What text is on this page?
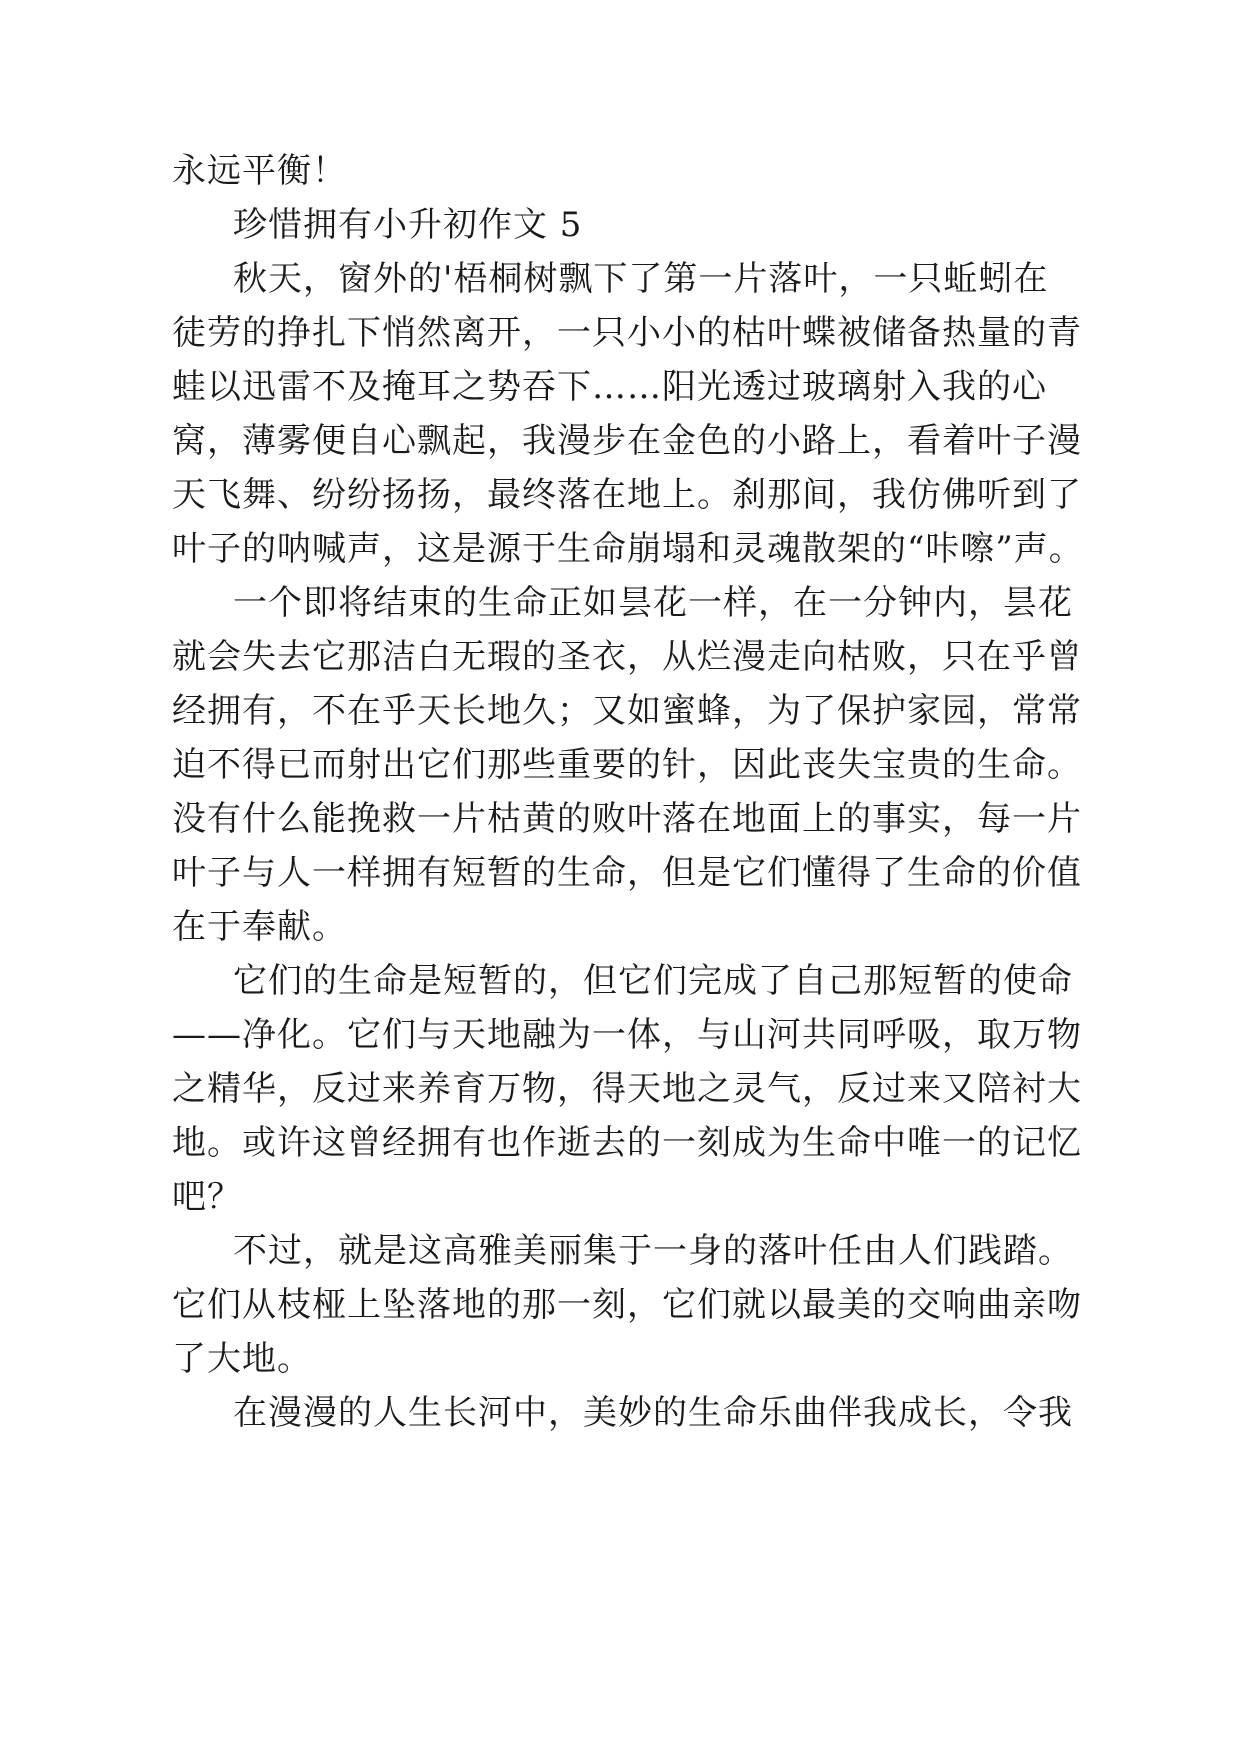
永远平衡！
珍惜拥有小升初作文 5
秋天，窗外的'梧桐树飘下了第一片落叶，一只蚯蚓在
徒劳的挣扎下悄然离开，一只小小的枯叶蝶被储备热量的青
蛙以迅雷不及掩耳之势吞下……阳光透过玻璃射入我的心
窝，薄雾便自心飘起，我漫步在金色的小路上，看着叶子漫
天飞舞、纷纷扬扬，最终落在地上。刹那间，我仿佛听到了
叶子的呐喊声，这是源于生命崩塌和灵魂散架的“咔嚓”声。
一个即将结束的生命正如昙花一样，在一分钟内，昙花
就会失去它那洁白无瑕的圣衣，从烂漫走向枯败，只在乎曾
经拥有，不在乎天长地久；又如蜜蜂，为了保护家园，常常
迫不得已而射出它们那些重要的针，因此丧失宝贵的生命。
没有什么能挽救一片枯黄的败叶落在地面上的事实，每一片
叶子与人一样拥有短暂的生命，但是它们懂得了生命的价值
在于奉献。
它们的生命是短暂的，但它们完成了自己那短暂的使命
——净化。它们与天地融为一体，与山河共同呼吸，取万物
之精华，反过来养育万物，得天地之灵气，反过来又陪衬大
地。或许这曾经拥有也作逝去的一刻成为生命中唯一的记忆
吧？
不过，就是这高雅美丽集于一身的落叶任由人们践踏。
它们从枝桠上坠落地的那一刻，它们就以最美的交响曲亲吻
了大地。
在漫漫的人生长河中，美妙的生命乐曲伴我成长，令我
